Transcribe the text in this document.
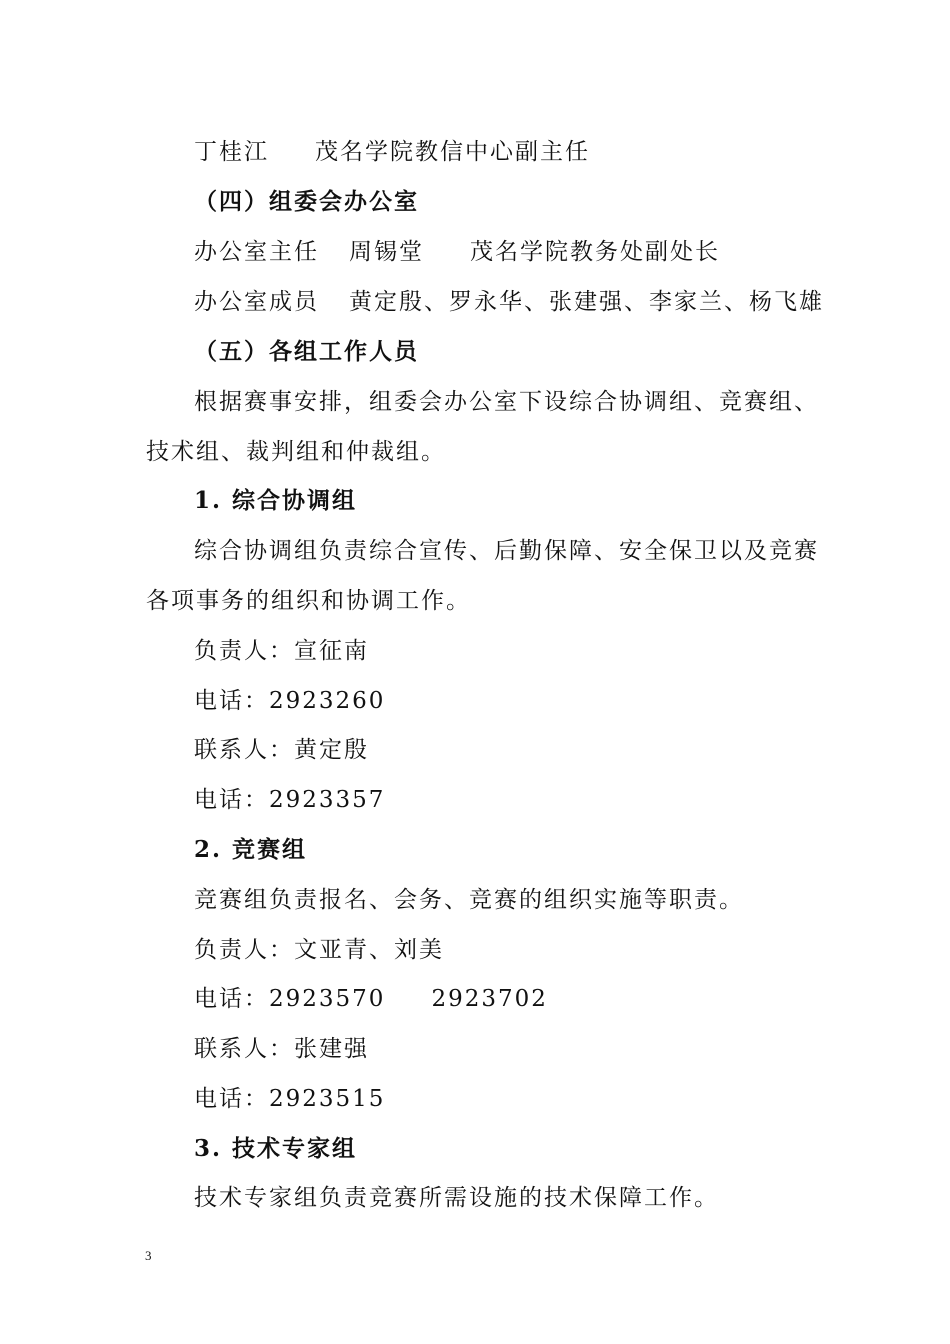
丁桂江 茂名学院教信中心副主任
（四）组委会办公室
办公室主任 周锡堂 茂名学院教务处副处长
办公室成员 黄定殷、罗永华、张建强、李家兰、杨飞雄
（五）各组工作人员
根据赛事安排，组委会办公室下设综合协调组、竞赛组、
技术组、裁判组和仲裁组。
1. 综合协调组
综合协调组负责综合宣传、后勤保障、安全保卫以及竞赛
各项事务的组织和协调工作。
负责人：宣征南
电话：2923260
联系人：黄定殷
电话：2923357
2. 竞赛组
竞赛组负责报名、会务、竞赛的组织实施等职责。
负责人：文亚青、刘美
电话：2923570 2923702
联系人：张建强
电话：2923515
3. 技术专家组
技术专家组负责竞赛所需设施的技术保障工作。
3
